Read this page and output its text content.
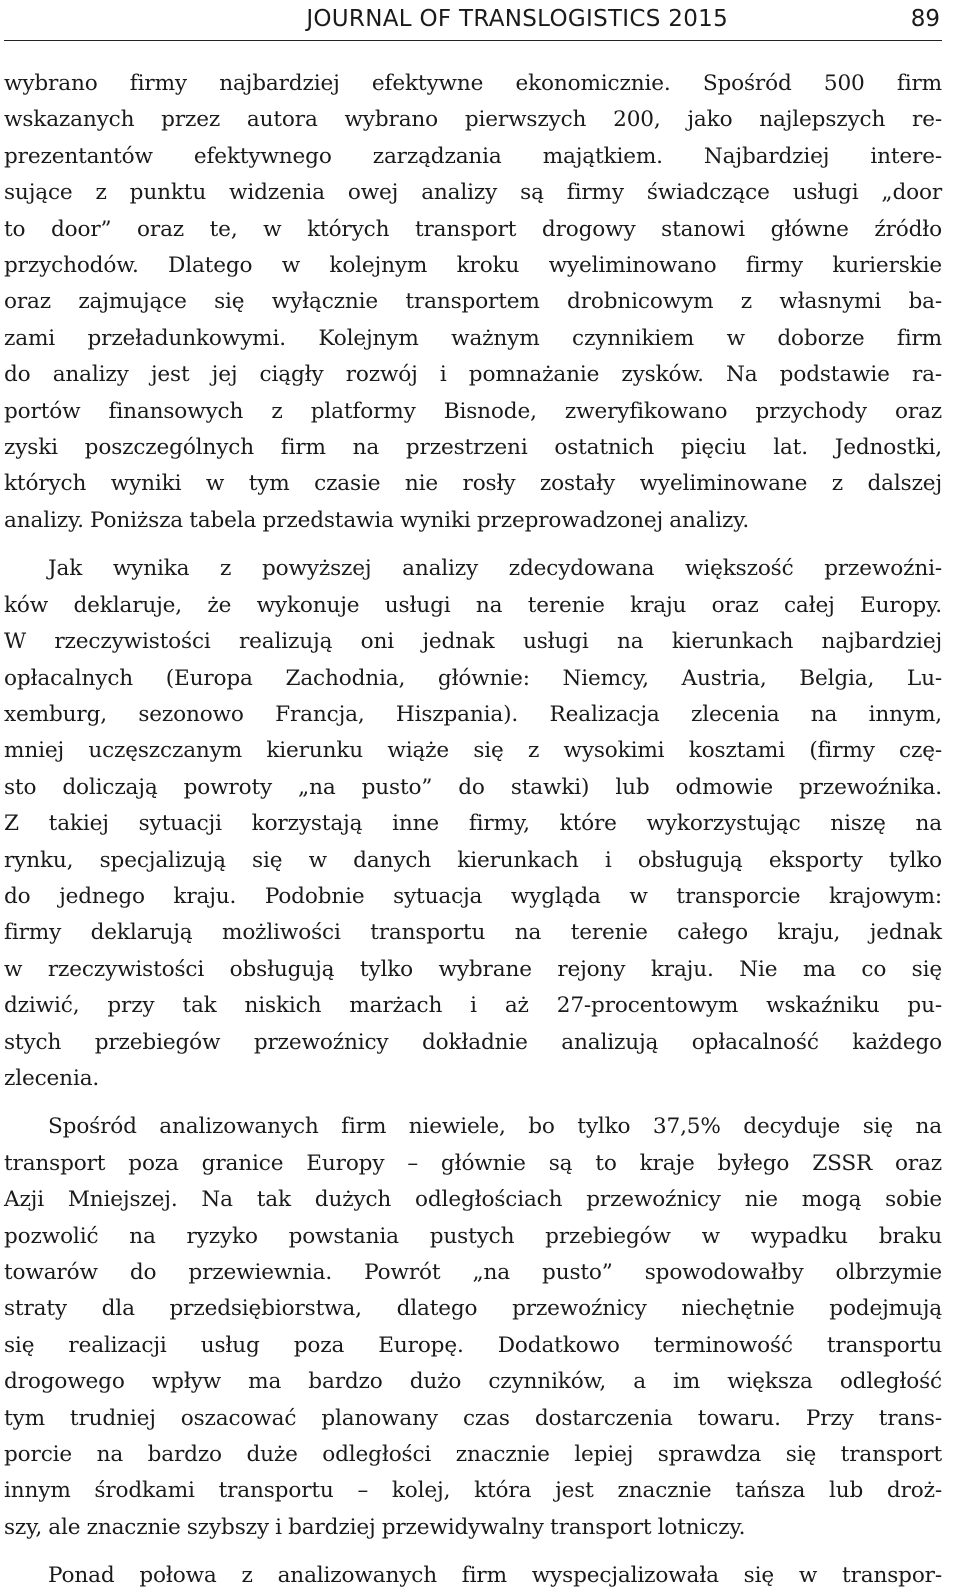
JOURNAL OF TRANSLOGISTICS 2015	89

wybrano firmy najbardziej efektywne ekonomicznie. Spośród 500 firm

wskazanych przez autora wybrano pierwszych 200, jako najlepszych re-

prezentantów efektywnego zarządzania majątkiem. Najbardziej intere-

sujące z punktu widzenia owej analizy są firmy świadczące usługi „door

to door” oraz te, w których transport drogowy stanowi główne źródło

przychodów. Dlatego w kolejnym kroku wyeliminowano firmy kurierskie

oraz zajmujące się wyłącznie transportem drobnicowym z własnymi ba-

zami przeładunkowymi. Kolejnym ważnym czynnikiem w doborze firm

do analizy jest jej ciągły rozwój i pomnażanie zysków. Na podstawie ra-

portów finansowych z platformy Bisnode, zweryfikowano przychody oraz

zyski poszczególnych firm na przestrzeni ostatnich pięciu lat. Jednostki,

których wyniki w tym czasie nie rosły zostały wyeliminowane z dalszej

analizy. Poniższa tabela przedstawia wyniki przeprowadzonej analizy.

Jak wynika z powyższej analizy zdecydowana większość przewoźni-

ków deklaruje, że wykonuje usługi na terenie kraju oraz całej Europy.

W rzeczywistości realizują oni jednak usługi na kierunkach najbardziej

opłacalnych (Europa Zachodnia, głównie: Niemcy, Austria, Belgia, Lu-

xemburg, sezonowo Francja, Hiszpania). Realizacja zlecenia na innym,

mniej uczęszczanym kierunku wiąże się z wysokimi kosztami (firmy czę-

sto doliczają powroty „na pusto” do stawki) lub odmowie przewoźnika.

Z takiej sytuacji korzystają inne firmy, które wykorzystując niszę na

rynku, specjalizują się w danych kierunkach i obsługują eksporty tylko

do jednego kraju. Podobnie sytuacja wygląda w transporcie krajowym:

firmy deklarują możliwości transportu na terenie całego kraju, jednak

w rzeczywistości obsługują tylko wybrane rejony kraju. Nie ma co się

dziwić, przy tak niskich marżach i aż 27-procentowym wskaźniku pu-

stych przebiegów przewoźnicy dokładnie analizują opłacalność każdego

zlecenia.

Spośród analizowanych firm niewiele, bo tylko 37,5% decyduje się na

transport poza granice Europy – głównie są to kraje byłego ZSSR oraz

Azji Mniejszej. Na tak dużych odległościach przewoźnicy nie mogą sobie

pozwolić na ryzyko powstania pustych przebiegów w wypadku braku

towarów do przewiewnia. Powrót „na pusto” spowodowałby olbrzymie

straty dla przedsiębiorstwa, dlatego przewoźnicy niechętnie podejmują

się realizacji usług poza Europę. Dodatkowo terminowość transportu

drogowego wpływ ma bardzo dużo czynników, a im większa odległość

tym trudniej oszacować planowany czas dostarczenia towaru. Przy trans-

porcie na bardzo duże odległości znacznie lepiej sprawdza się transport

innym środkami transportu – kolej, która jest znacznie tańsza lub droż-

szy, ale znacznie szybszy i bardziej przewidywalny transport lotniczy.

Ponad połowa z analizowanych firm wyspecjalizowała się w transpor-
